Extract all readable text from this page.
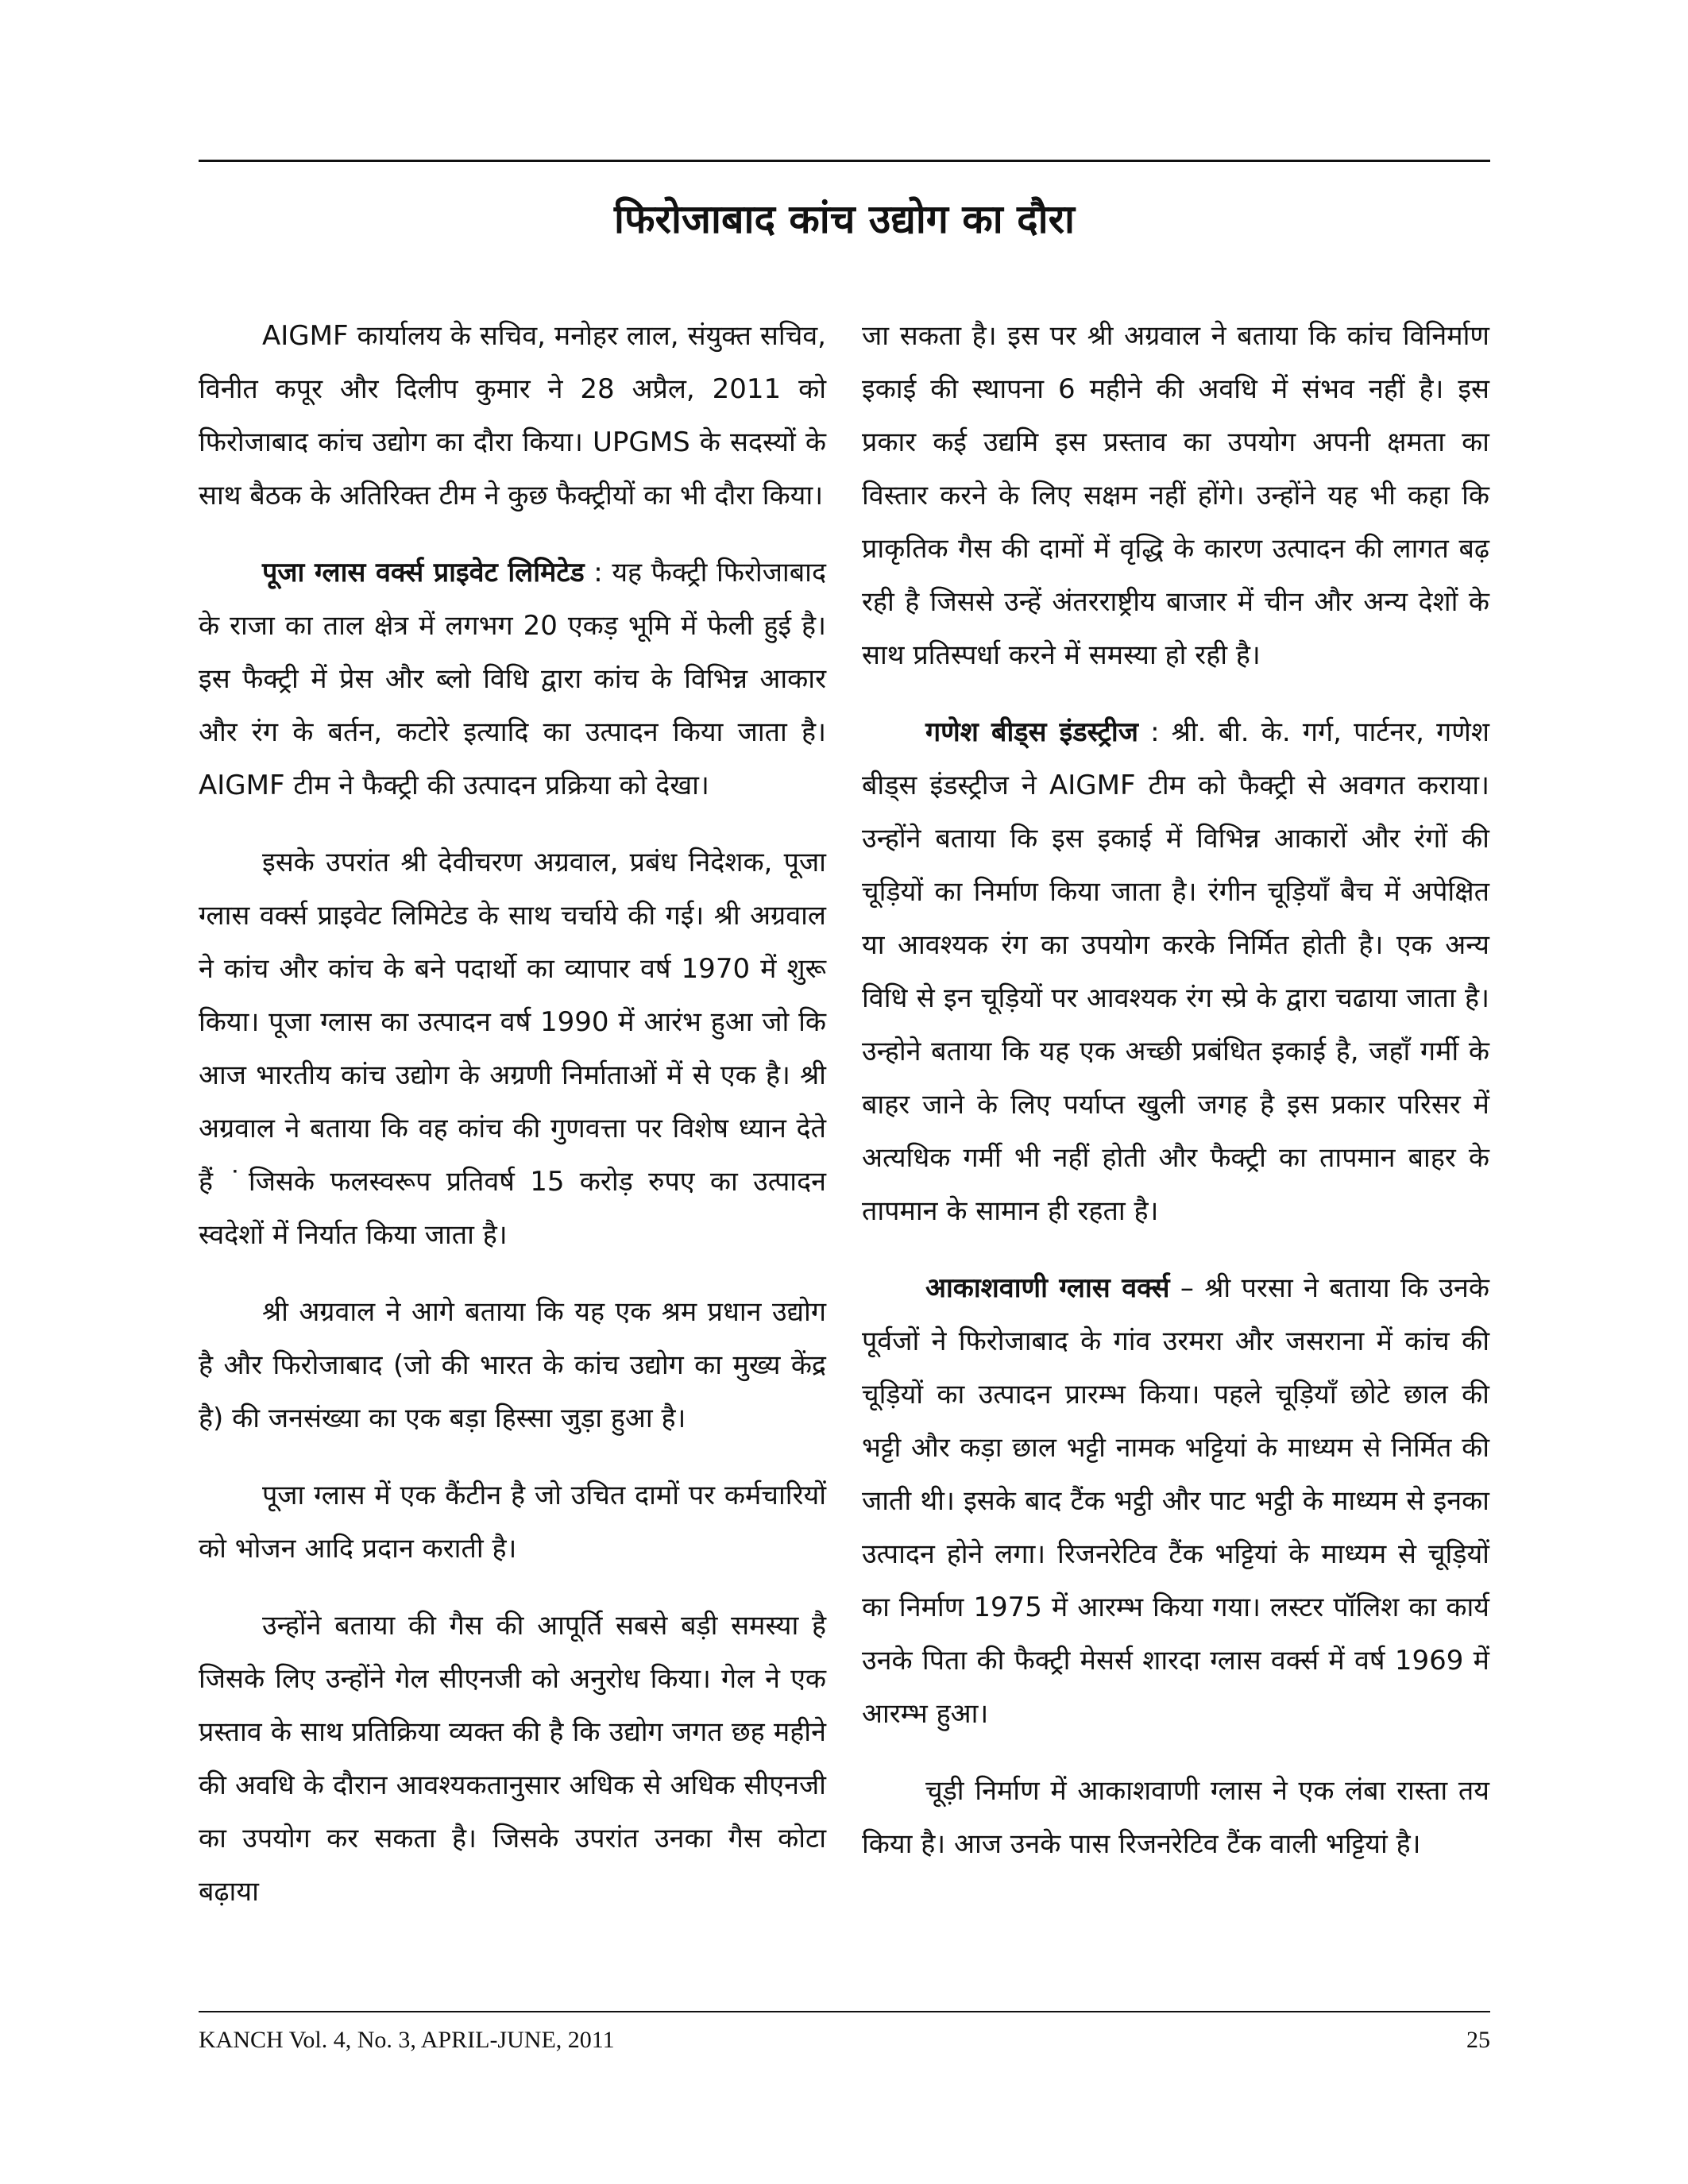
फिरोजाबाद कांच उद्योग का दौरा

AIGMF कार्यालय के सचिव, मनोहर लाल, संयुक्त सचिव, विनीत कपूर और दिलीप कुमार ने 28 अप्रैल, 2011 को फिरोजाबाद कांच उद्योग का दौरा किया। UPGMS के सदस्यों के साथ बैठक के अतिरिक्त टीम ने कुछ फैक्ट्रीयों का भी दौरा किया।

पूजा ग्लास वर्क्स प्राइवेट लिमिटेड : यह फैक्ट्री फिरोजाबाद के राजा का ताल क्षेत्र में लगभग 20 एकड़ भूमि में फेली हुई है। इस फैक्ट्री में प्रेस और ब्लो विधि द्वारा कांच के विभिन्न आकार और रंग के बर्तन, कटोरे इत्यादि का उत्पादन किया जाता है। AIGMF टीम ने फैक्ट्री की उत्पादन प्रक्रिया को देखा।

इसके उपरांत श्री देवीचरण अग्रवाल, प्रबंध निदेशक, पूजा ग्लास वर्क्स प्राइवेट लिमिटेड के साथ चर्चाये की गई। श्री अग्रवाल ने कांच और कांच के बने पदार्थो का व्यापार वर्ष 1970 में शुरू किया। पूजा ग्लास का उत्पादन वर्ष 1990 में आरंभ हुआ जो कि आज भारतीय कांच उद्योग के अग्रणी निर्माताओं में से एक है। श्री अग्रवाल ने बताया कि वह कांच की गुणवत्ता पर विशेष ध्यान देते हैं ˙जिसके फलस्वरूप प्रतिवर्ष 15 करोड़ रुपए का उत्पादन स्वदेशों में निर्यात किया जाता है।

श्री अग्रवाल ने आगे बताया कि यह एक श्रम प्रधान उद्योग है और फिरोजाबाद (जो की भारत के कांच उद्योग का मुख्य केंद्र है) की जनसंख्या का एक बड़ा हिस्सा जुड़ा हुआ है।

पूजा ग्लास में एक कैंटीन है जो उचित दामों पर कर्मचारियों को भोजन आदि प्रदान कराती है।

उन्होंने बताया की गैस की आपूर्ति सबसे बड़ी समस्या है जिसके लिए उन्होंने गेल सीएनजी को अनुरोध किया। गेल ने एक प्रस्ताव के साथ प्रतिक्रिया व्यक्त की है कि उद्योग जगत छह महीने की अवधि के दौरान आवश्यकतानुसार अधिक से अधिक सीएनजी का उपयोग कर सकता है। जिसके उपरांत उनका गैस कोटा बढ़ाया

जा सकता है। इस पर श्री अग्रवाल ने बताया कि कांच विनिर्माण इकाई की स्थापना 6 महीने की अवधि में संभव नहीं है। इस प्रकार कई उद्यमि इस प्रस्ताव का उपयोग अपनी क्षमता का विस्तार करने के लिए सक्षम नहीं होंगे। उन्होंने यह भी कहा कि प्राकृतिक गैस की दामों में वृद्धि के कारण उत्पादन की लागत बढ़ रही है जिससे उन्हें अंतरराष्ट्रीय बाजार में चीन और अन्य देशों के साथ प्रतिस्पर्धा करने में समस्या हो रही है।

गणेश बीड्स इंडस्ट्रीज : श्री. बी. के. गर्ग, पार्टनर, गणेश बीड्स इंडस्ट्रीज ने AIGMF टीम को फैक्ट्री से अवगत कराया। उन्होंने बताया कि इस इकाई में विभिन्न आकारों और रंगों की चूड़ियों का निर्माण किया जाता है। रंगीन चूड़ियाँ बैच में अपेक्षित या आवश्यक रंग का उपयोग करके निर्मित होती है। एक अन्य विधि से इन चूड़ियों पर आवश्यक रंग स्प्रे के द्वारा चढाया जाता है। उन्होने बताया कि यह एक अच्छी प्रबंधित इकाई है, जहाँ गर्मी के बाहर जाने के लिए पर्याप्त खुली जगह है इस प्रकार परिसर में अत्यधिक गर्मी भी नहीं होती और फैक्ट्री का तापमान बाहर के तापमान के सामान ही रहता है।

आकाशवाणी ग्लास वर्क्स – श्री परसा ने बताया कि उनके पूर्वजों ने फिरोजाबाद के गांव उरमरा और जसराना में कांच की चूड़ियों का उत्पादन प्रारम्भ किया। पहले चूड़ियाँ छोटे छाल की भट्टी और कड़ा छाल भट्टी नामक भट्टियां के माध्यम से निर्मित की जाती थी। इसके बाद टैंक भट्ठी और पाट भट्ठी के माध्यम से इनका उत्पादन होने लगा। रिजनरेटिव टैंक भट्टियां के माध्यम से चूड़ियों का निर्माण 1975 में आरम्भ किया गया। लस्टर पॉलिश का कार्य उनके पिता की फैक्ट्री मेसर्स शारदा ग्लास वर्क्स में वर्ष 1969 में आरम्भ हुआ।

चूड़ी निर्माण में आकाशवाणी ग्लास ने एक लंबा रास्ता तय किया है। आज उनके पास रिजनरेटिव टैंक वाली भट्टियां है।

KANCH Vol. 4, No. 3, APRIL-JUNE, 2011	25
